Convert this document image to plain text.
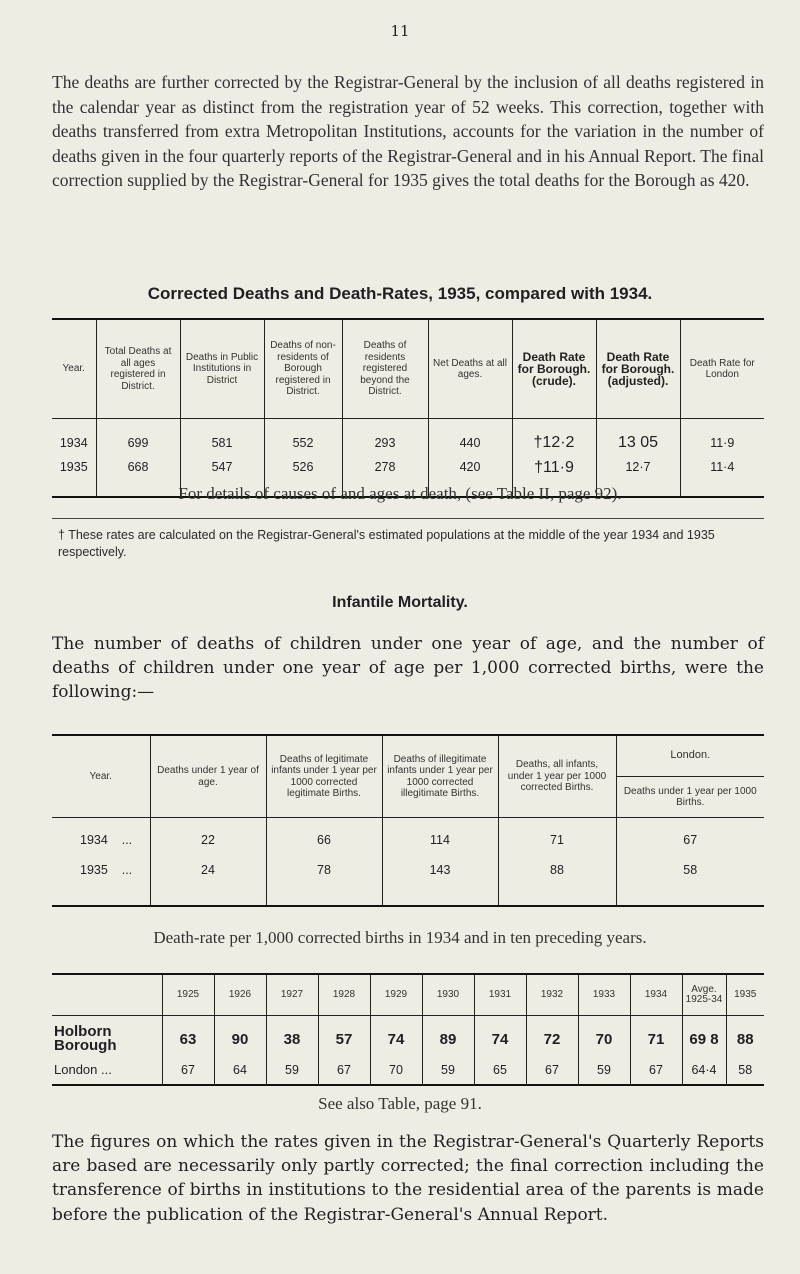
11

The deaths are further corrected by the Registrar-General by the inclusion of all deaths registered in the calendar year as distinct from the registration year of 52 weeks. This correction, together with deaths transferred from extra Metropolitan Institutions, accounts for the variation in the number of deaths given in the four quarterly reports of the Registrar-General and in his Annual Report. The final correction supplied by the Registrar-General for 1935 gives the total deaths for the Borough as 420.

Corrected Deaths and Death-Rates, 1935, compared with 1934.
Year.	Total Deaths at all ages registered in District.	Deaths in Public Institutions in District	Deaths of non-residents of Borough registered in District.	Deaths of residents registered beyond the District.	Net Deaths at all ages.	Death Rate for Borough. (crude).	Death Rate for Borough. (adjusted).	Death Rate for London
1934	699	581	552	293	440	†12·2	13 05	11·9
1935	668	547	526	278	420	†11·9	12·7	11·4
For details of causes of and ages at death, (see Table II, page 92).

† These rates are calculated on the Registrar-General's estimated populations at the middle of the year 1934 and 1935 respectively.

Infantile Mortality.

The number of deaths of children under one year of age, and the number of deaths of children under one year of age per 1,000 corrected births, were the following:—

Year.	Deaths under 1 year of age.	Deaths of legitimate infants under 1 year per 1000 corrected legitimate Births.	Deaths of illegitimate infants under 1 year per 1000 corrected illegitimate Births.	Deaths, all infants, under 1 year per 1000 corrected Births.	London.
					Deaths under 1 year per 1000 Births.
1934 ...	22	66	114	71	67
1935 ...	24	78	143	88	58
Death-rate per 1,000 corrected births in 1934 and in ten preceding years.
	1925	1926	1927	1928	1929	1930	1931	1932	1933	1934	Avge. 1925-34	1935
Holborn Borough	63	90	38	57	74	89	74	72	70	71	69 8	88
London ...	67	64	59	67	70	59	65	67	59	67	64·4	58
See also Table, page 91.

The figures on which the rates given in the Registrar-General's Quarterly Reports are based are necessarily only partly corrected; the final correction including the transference of births in institutions to the residential area of the parents is made before the publication of the Registrar-General's Annual Report.
